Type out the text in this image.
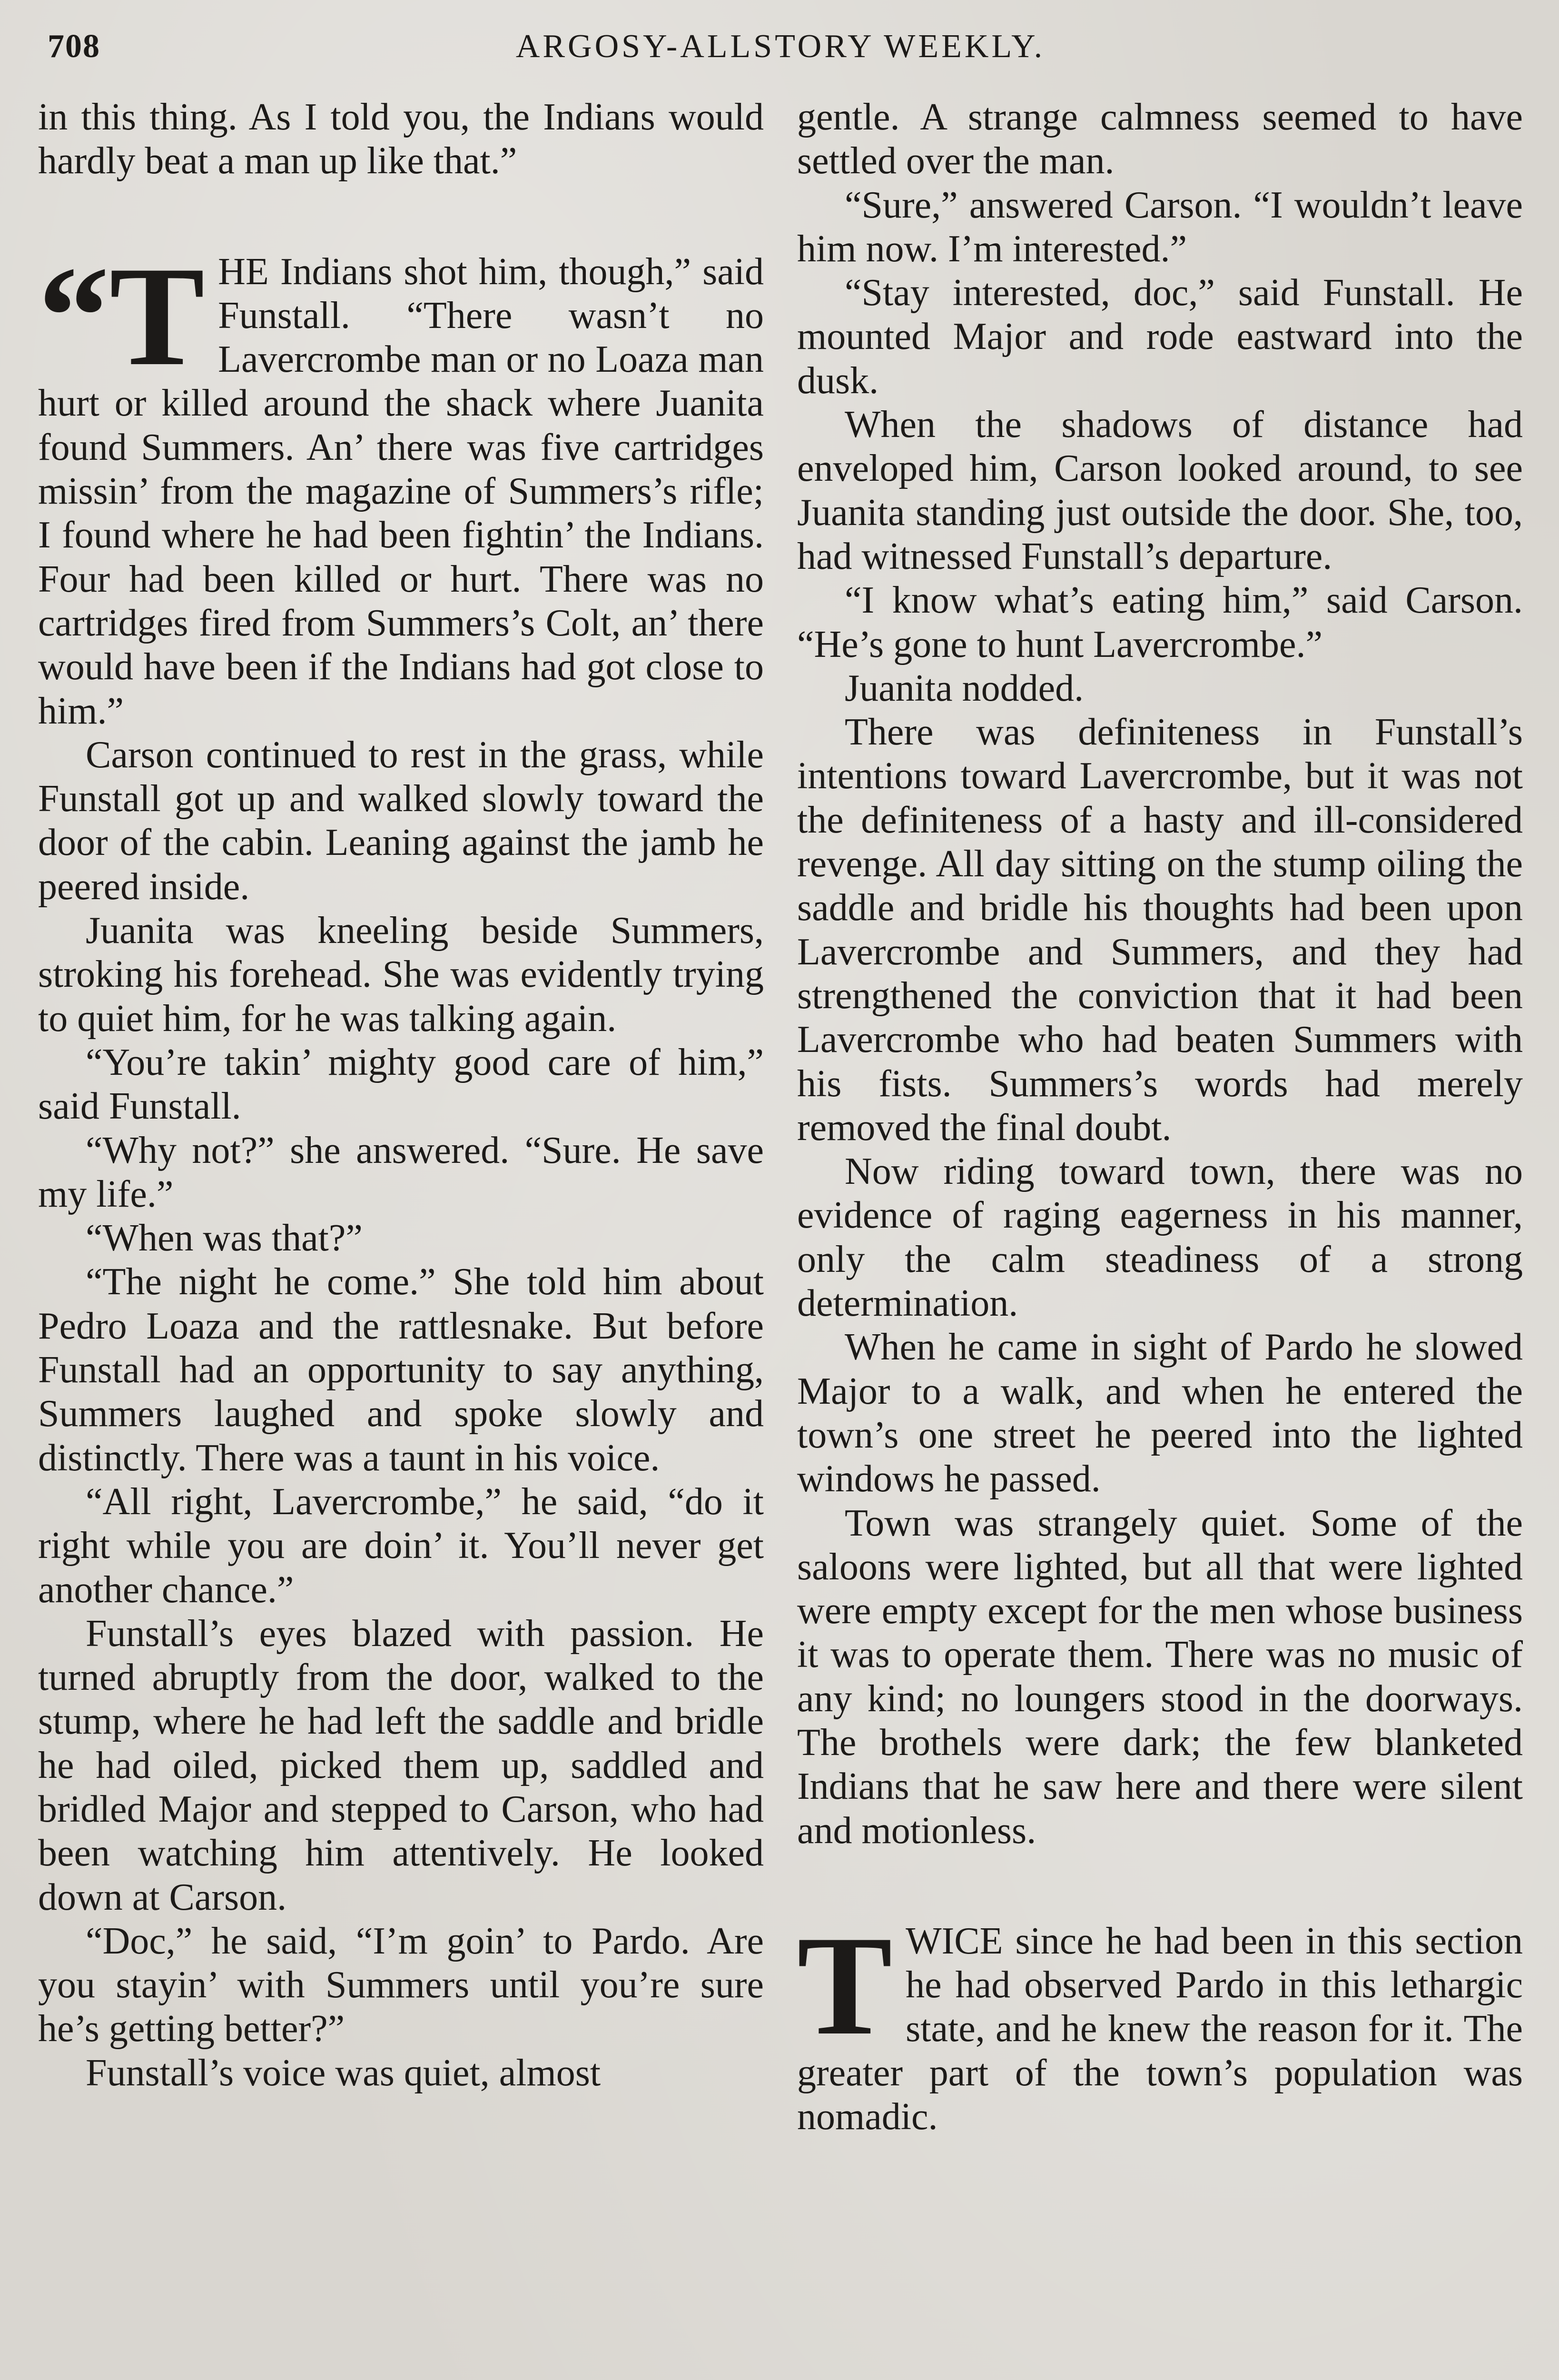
708	ARGOSY-ALLSTORY WEEKLY.

in this thing. As I told you, the Indians would hardly beat a man up like that.”

“THE Indians shot him, though,” said Funstall. “There wasn’t no Lavercrombe man or no Loaza man hurt or killed around the shack where Juanita found Summers. An’ there was five cartridges missin’ from the magazine of Summers’s rifle; I found where he had been fightin’ the Indians. Four had been killed or hurt. There was no cartridges fired from Summers’s Colt, an’ there would have been if the Indians had got close to him.”

Carson continued to rest in the grass, while Funstall got up and walked slowly toward the door of the cabin. Leaning against the jamb he peered inside.

Juanita was kneeling beside Summers, stroking his forehead. She was evidently trying to quiet him, for he was talking again.

“You’re takin’ mighty good care of him,” said Funstall.

“Why not?” she answered. “Sure. He save my life.”

“When was that?”

“The night he come.” She told him about Pedro Loaza and the rattlesnake. But before Funstall had an opportunity to say anything, Summers laughed and spoke slowly and distinctly. There was a taunt in his voice.

“All right, Lavercrombe,” he said, “do it right while you are doin’ it. You’ll never get another chance.”

Funstall’s eyes blazed with passion. He turned abruptly from the door, walked to the stump, where he had left the saddle and bridle he had oiled, picked them up, saddled and bridled Major and stepped to Carson, who had been watching him attentively. He looked down at Carson.

“Doc,” he said, “I’m goin’ to Pardo. Are you stayin’ with Summers until you’re sure he’s getting better?”

Funstall’s voice was quiet, almost

gentle. A strange calmness seemed to have settled over the man.

“Sure,” answered Carson. “I wouldn’t leave him now. I’m interested.”

“Stay interested, doc,” said Funstall. He mounted Major and rode eastward into the dusk.

When the shadows of distance had enveloped him, Carson looked around, to see Juanita standing just outside the door. She, too, had witnessed Funstall’s departure.

“I know what’s eating him,” said Carson. “He’s gone to hunt Lavercrombe.”

Juanita nodded.

There was definiteness in Funstall’s intentions toward Lavercrombe, but it was not the definiteness of a hasty and ill-considered revenge. All day sitting on the stump oiling the saddle and bridle his thoughts had been upon Lavercrombe and Summers, and they had strengthened the conviction that it had been Lavercrombe who had beaten Summers with his fists. Summers’s words had merely removed the final doubt.

Now riding toward town, there was no evidence of raging eagerness in his manner, only the calm steadiness of a strong determination.

When he came in sight of Pardo he slowed Major to a walk, and when he entered the town’s one street he peered into the lighted windows he passed.

Town was strangely quiet. Some of the saloons were lighted, but all that were lighted were empty except for the men whose business it was to operate them. There was no music of any kind; no loungers stood in the doorways. The brothels were dark; the few blanketed Indians that he saw here and there were silent and motionless.

TWICE since he had been in this section he had observed Pardo in this lethargic state, and he knew the reason for it. The greater part of the town’s population was nomadic.
